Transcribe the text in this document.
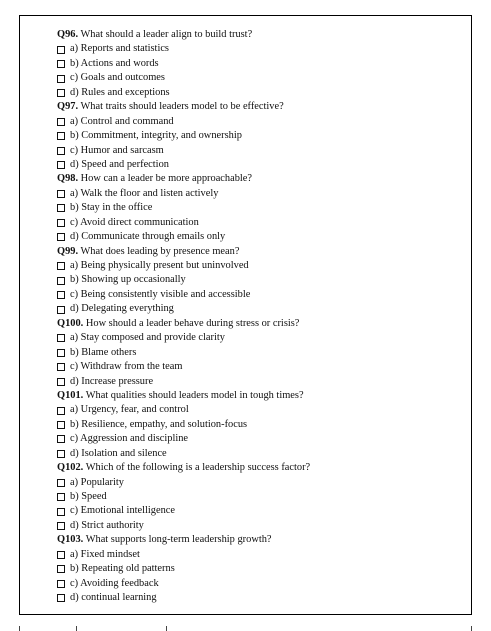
Q96. What should a leader align to build trust?
a) Reports and statistics
b) Actions and words
c) Goals and outcomes
d) Rules and exceptions
Q97. What traits should leaders model to be effective?
a) Control and command
b) Commitment, integrity, and ownership
c) Humor and sarcasm
d) Speed and perfection
Q98. How can a leader be more approachable?
a) Walk the floor and listen actively
b) Stay in the office
c) Avoid direct communication
d) Communicate through emails only
Q99. What does leading by presence mean?
a) Being physically present but uninvolved
b) Showing up occasionally
c) Being consistently visible and accessible
d) Delegating everything
Q100. How should a leader behave during stress or crisis?
a) Stay composed and provide clarity
b) Blame others
c) Withdraw from the team
d) Increase pressure
Q101. What qualities should leaders model in tough times?
a) Urgency, fear, and control
b) Resilience, empathy, and solution-focus
c) Aggression and discipline
d) Isolation and silence
Q102. Which of the following is a leadership success factor?
a) Popularity
b) Speed
c) Emotional intelligence
d) Strict authority
Q103. What supports long-term leadership growth?
a) Fixed mindset
b) Repeating old patterns
c) Avoiding feedback
d) continual learning
